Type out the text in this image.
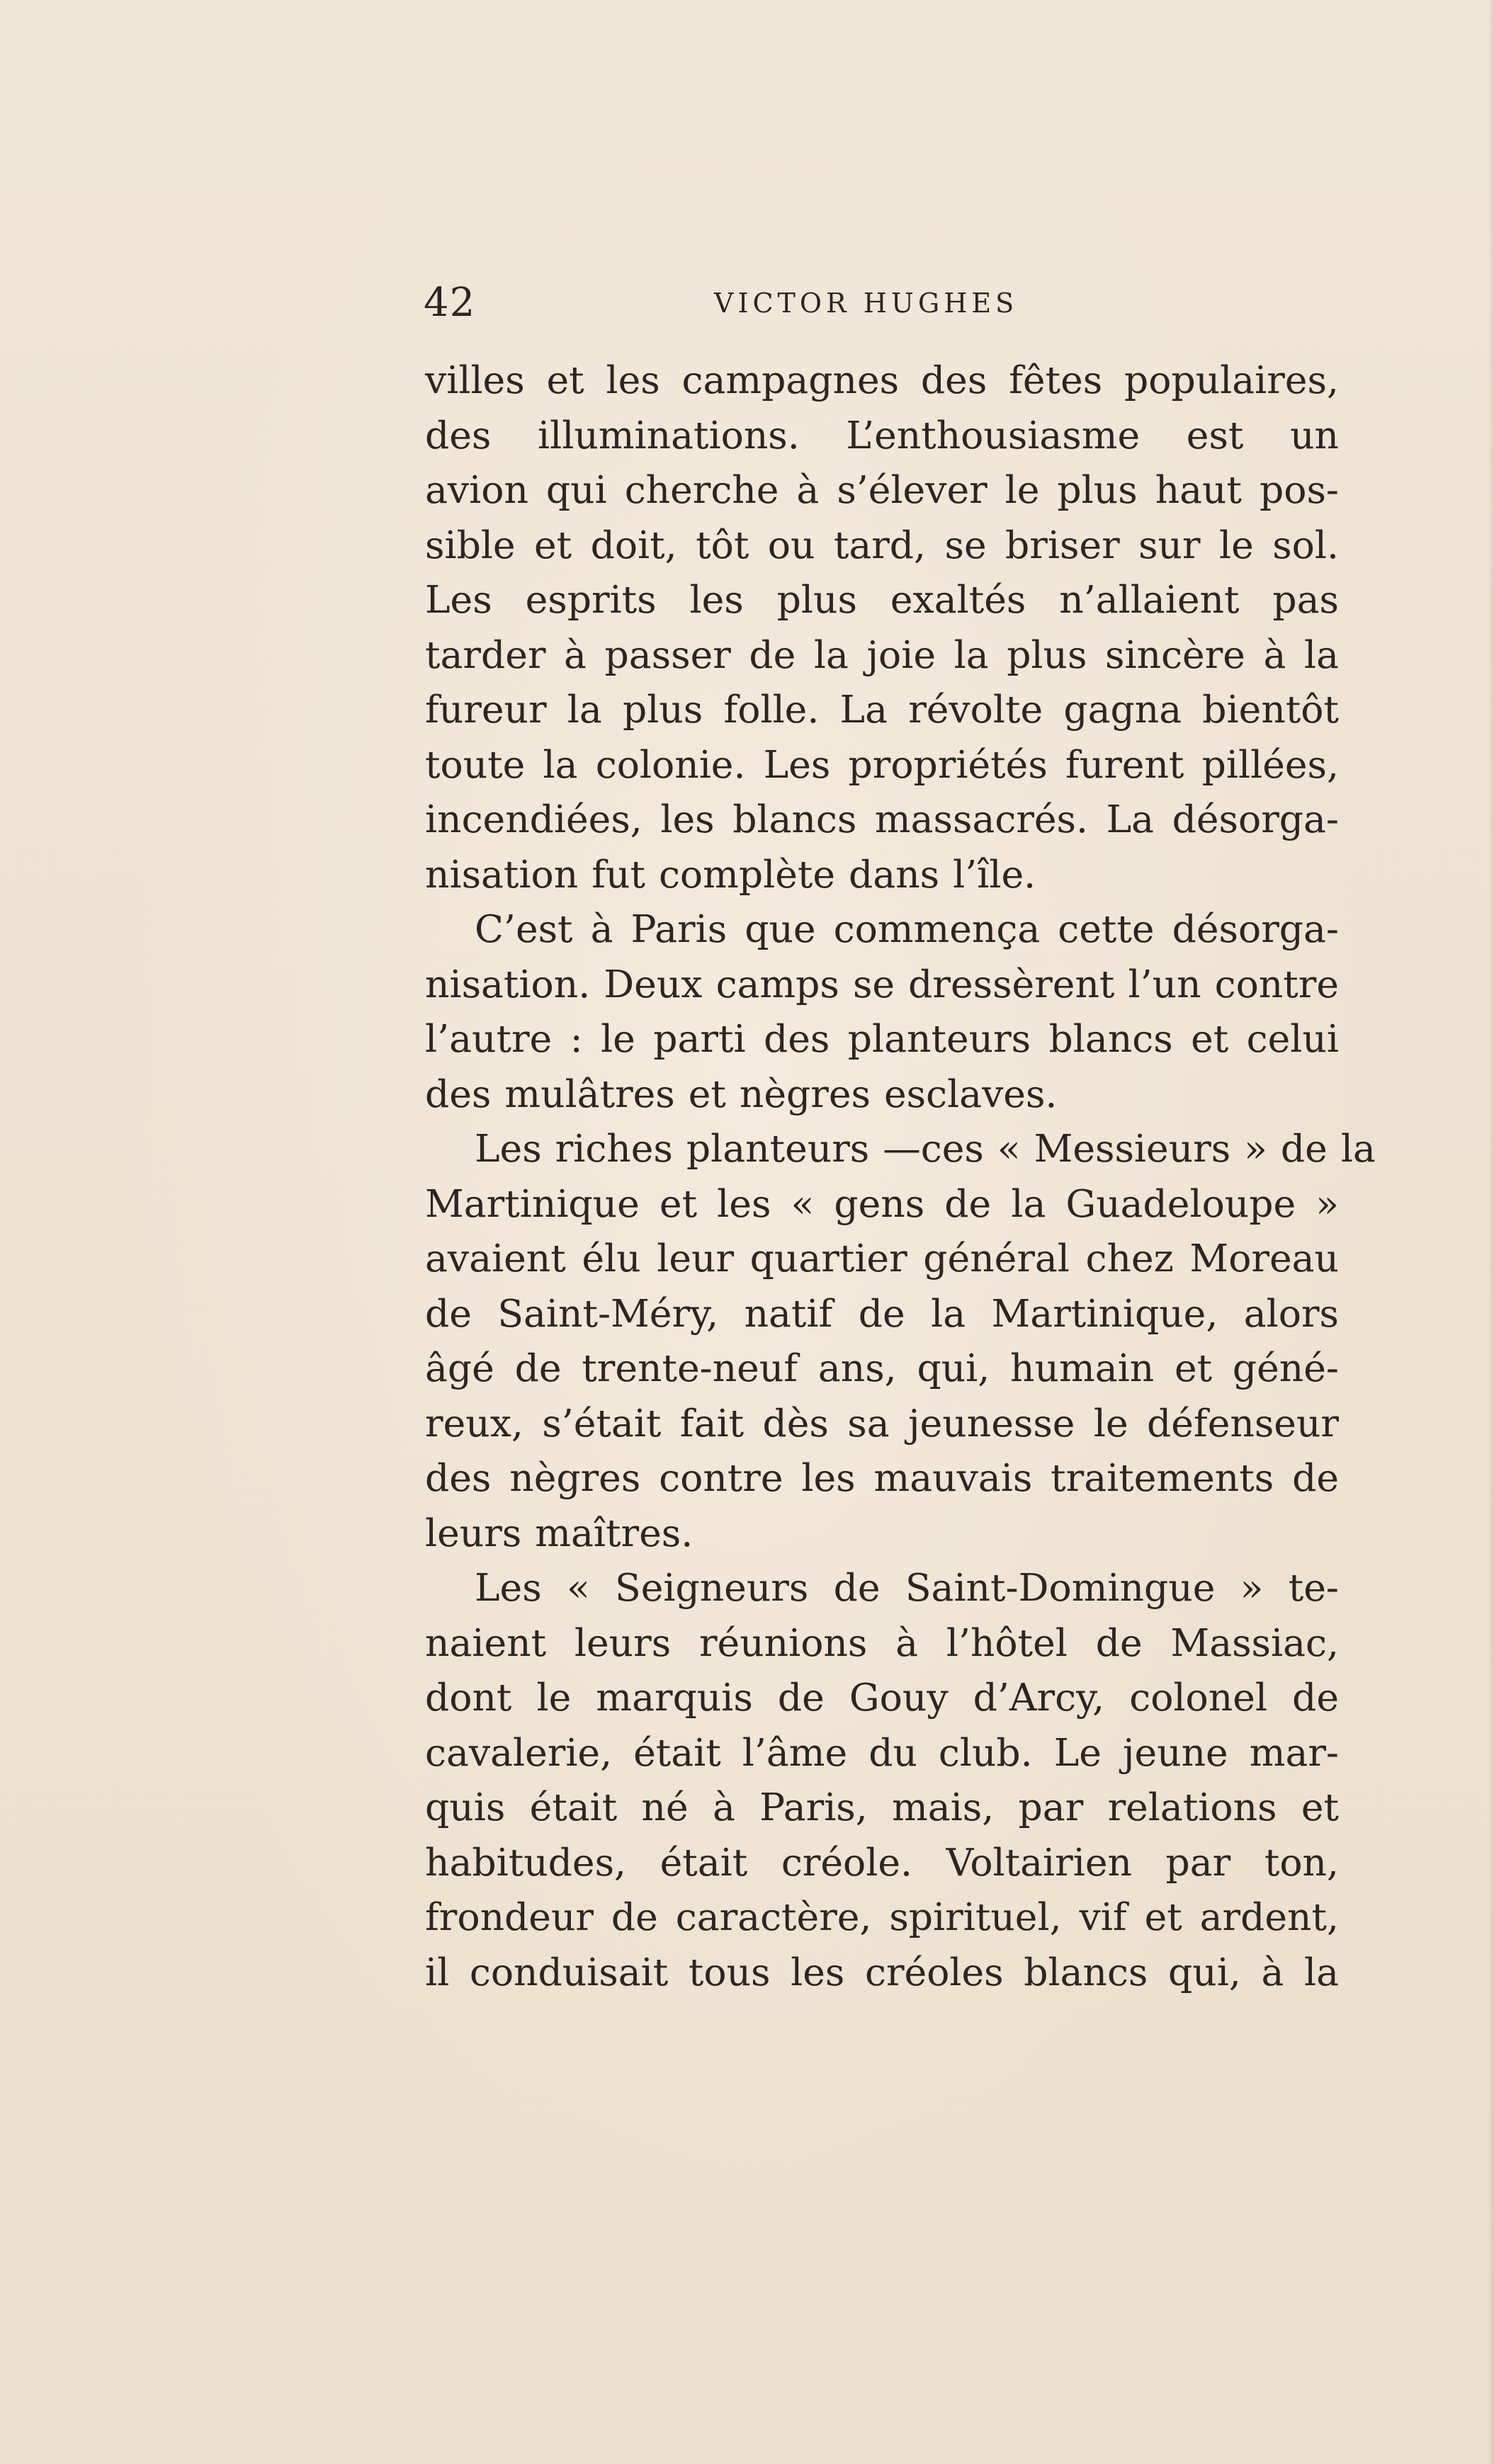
42	VICTOR HUGHES
villes et les campagnes des fêtes populaires,
des illuminations. L’enthousiasme est un
avion qui cherche à s’élever le plus haut pos-
sible et doit, tôt ou tard, se briser sur le sol.
Les esprits les plus exaltés n’allaient pas
tarder à passer de la joie la plus sincère à la
fureur la plus folle. La révolte gagna bientôt
toute la colonie. Les propriétés furent pillées,
incendiées, les blancs massacrés. La désorga-
nisation fut complète dans l’île.
C’est à Paris que commença cette désorga-
nisation. Deux camps se dressèrent l’un contre
l’autre : le parti des planteurs blancs et celui
des mulâtres et nègres esclaves.
Les riches planteurs —ces « Messieurs » de la
Martinique et les « gens de la Guadeloupe »
avaient élu leur quartier général chez Moreau
de Saint-Méry, natif de la Martinique, alors
âgé de trente-neuf ans, qui, humain et géné-
reux, s’était fait dès sa jeunesse le défenseur
des nègres contre les mauvais traitements de
leurs maîtres.
Les « Seigneurs de Saint-Domingue » te-
naient leurs réunions à l’hôtel de Massiac,
dont le marquis de Gouy d’Arcy, colonel de
cavalerie, était l’âme du club. Le jeune mar-
quis était né à Paris, mais, par relations et
habitudes, était créole. Voltairien par ton,
frondeur de caractère, spirituel, vif et ardent,
il conduisait tous les créoles blancs qui, à la
